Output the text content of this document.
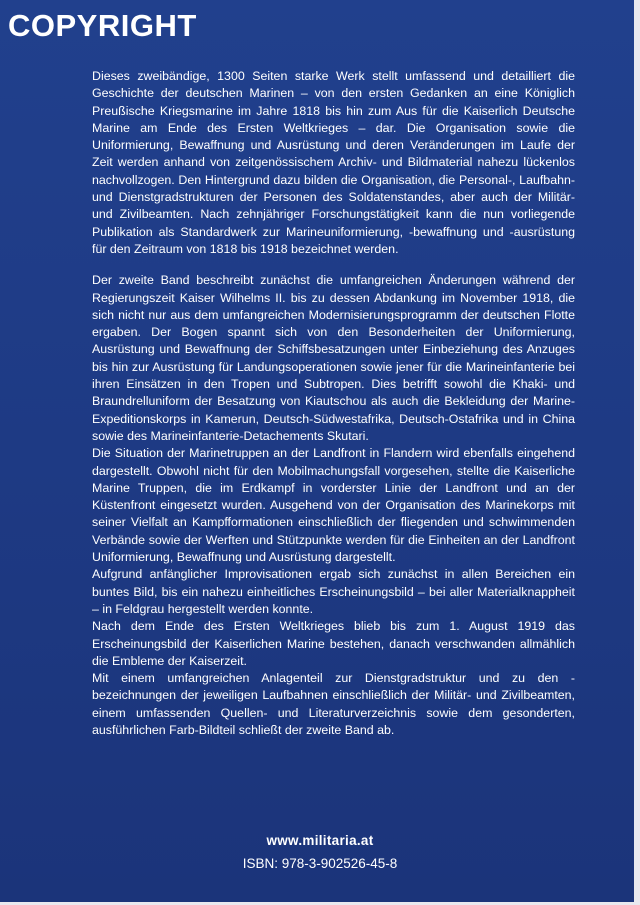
COPYRIGHT

Dieses zweibändige, 1300 Seiten starke Werk stellt umfassend und detailliert die Geschichte der deutschen Marinen – von den ersten Gedanken an eine Königlich Preußische Kriegsmarine im Jahre 1818 bis hin zum Aus für die Kaiserlich Deutsche Marine am Ende des Ersten Weltkrieges – dar. Die Organisation sowie die Uniformierung, Bewaffnung und Ausrüstung und deren Veränderungen im Laufe der Zeit werden anhand von zeitgenössischem Archiv- und Bildmaterial nahezu lückenlos nachvollzogen. Den Hintergrund dazu bilden die Organisation, die Personal-, Laufbahn- und Dienstgradstrukturen der Personen des Soldatenstandes, aber auch der Militär- und Zivilbeamten. Nach zehnjähriger Forschungstätigkeit kann die nun vorliegende Publikation als Standardwerk zur Marineuniformierung, -bewaffnung und -ausrüstung für den Zeitraum von 1818 bis 1918 bezeichnet werden.

Der zweite Band beschreibt zunächst die umfangreichen Änderungen während der Regierungszeit Kaiser Wilhelms II. bis zu dessen Abdankung im November 1918, die sich nicht nur aus dem umfangreichen Modernisierungsprogramm der deutschen Flotte ergaben. Der Bogen spannt sich von den Besonderheiten der Uniformierung, Ausrüstung und Bewaffnung der Schiffsbesatzungen unter Einbeziehung des Anzuges bis hin zur Ausrüstung für Landungsoperationen sowie jener für die Marineinfanterie bei ihren Einsätzen in den Tropen und Subtropen. Dies betrifft sowohl die Khaki- und Braundrelluniform der Besatzung von Kiautschou als auch die Bekleidung der Marine-Expeditionskorps in Kamerun, Deutsch-Südwestafrika, Deutsch-Ostafrika und in China sowie des Marineinfanterie-Detachements Skutari.

Die Situation der Marinetruppen an der Landfront in Flandern wird ebenfalls eingehend dargestellt. Obwohl nicht für den Mobilmachungsfall vorgesehen, stellte die Kaiserliche Marine Truppen, die im Erdkampf in vorderster Linie der Landfront und an der Küstenfront eingesetzt wurden. Ausgehend von der Organisation des Marinekorps mit seiner Vielfalt an Kampfformationen einschließlich der fliegenden und schwimmenden Verbände sowie der Werften und Stützpunkte werden für die Einheiten an der Landfront Uniformierung, Bewaffnung und Ausrüstung dargestellt.

Aufgrund anfänglicher Improvisationen ergab sich zunächst in allen Bereichen ein buntes Bild, bis ein nahezu einheitliches Erscheinungsbild – bei aller Materialknappheit – in Feldgrau hergestellt werden konnte.

Nach dem Ende des Ersten Weltkrieges blieb bis zum 1. August 1919 das Erscheinungsbild der Kaiserlichen Marine bestehen, danach verschwanden allmählich die Embleme der Kaiserzeit.

Mit einem umfangreichen Anlagenteil zur Dienstgradstruktur und zu den -bezeichnungen der jeweiligen Laufbahnen einschließlich der Militär- und Zivilbeamten, einem umfassenden Quellen- und Literaturverzeichnis sowie dem gesonderten, ausführlichen Farb-Bildteil schließt der zweite Band ab.

www.militaria.at
ISBN: 978-3-902526-45-8
